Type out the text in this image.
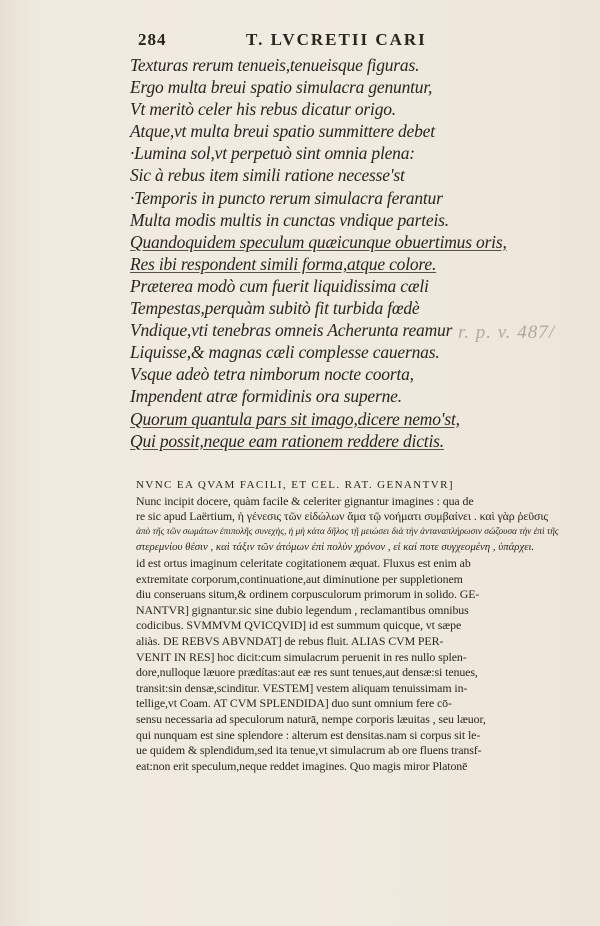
284	T. LVCRETII CARI
Texturas rerum tenueis,tenueisque figuras.
Ergo multa breui spatio simulacra genuntur,
Vt meritò celer his rebus dicatur origo.
Atque,vt multa breui spatio summittere debet
·Lumina sol,vt perpetuò sint omnia plena:
Sic à rebus item simili ratione necesse'st
·Temporis in puncto rerum simulacra ferantur
Multa modis multis in cunctas vndique parteis.
Quandoquidem speculum quæicunque obuertimus oris,
Res ibi respondent simili forma,atque colore.
Præterea modò cum fuerit liquidissima cæli
Tempestas,perquàm subitò fit turbida fœdè
Vndique,vti tenebras omneis Acherunta reamur
Liquisse,& magnas cæli complesse cauernas.
Vsque adeò tetra nimborum nocte coorta,
Impendent atræ formidinis ora superne.
Quorum quantula pars sit imago,dicere nemo'st,
Qui possit,neque eam rationem reddere dictis.
r. p. v. 487/
NVNC EA QVAM FACILI, ET CEL. RAT. GENANTVR]
Nunc incipit docere, quàm facile & celeriter gignantur imagines : qua de
re sic apud Laërtium, ἡ γένεσις τῶν εἰδώλων ἅμα τῷ νοήματι συμβαίνει . καὶ γὰρ ῥεῦσις
ἀπὸ τῆς τῶν σωμάτων ἐπιπολῆς συνεχὴς, ἡ μὴ κάτα δῆλος τῇ μειώσει διὰ τὴν ἀνταναπλήρωσιν σώζουσα τὴν ἐπὶ τῆς
στερεμνίου θέσιν , καὶ τάξιν τῶν ἀτόμων ἐπὶ πολὺν χρόνον , εἰ καί ποτε συγχεομένη , ὑπάρχει.
id est ortus imaginum celeritate cogitationem æquat. Fluxus est enim ab
extremitate corporum,continuatione,aut diminutione per suppletionem
diu conseruans situm,& ordinem corpusculorum primorum in solido. GE-
NANTVR] gignantur.sic sine dubio legendum , reclamantibus omnibus
codicibus. SVMMVM QVICQVID] id est summum quicque, vt sæpe
aliàs. DE REBVS ABVNDAT] de rebus fluit. ALIAS CVM PER-
VENIT IN RES] hoc dicit:cum simulacrum peruenit in res nullo splen-
dore,nulloque læuore prædítas:aut eæ res sunt tenues,aut densæ:si tenues,
transit:sin densæ,scinditur. VESTEM] vestem aliquam tenuissimam in-
tellige,vt Coam. AT CVM SPLENDIDA] duo sunt omnium fere cō-
sensu necessaria ad speculorum naturā, nempe corporis læuitas , seu læuor,
qui nunquam est sine splendore : alterum est densitas.nam si corpus sit le-
ue quidem & splendidum,sed ita tenue,vt simulacrum ab ore fluens transf-
eat:non erit speculum,neque reddet imagines. Quo magis miror Platonē
